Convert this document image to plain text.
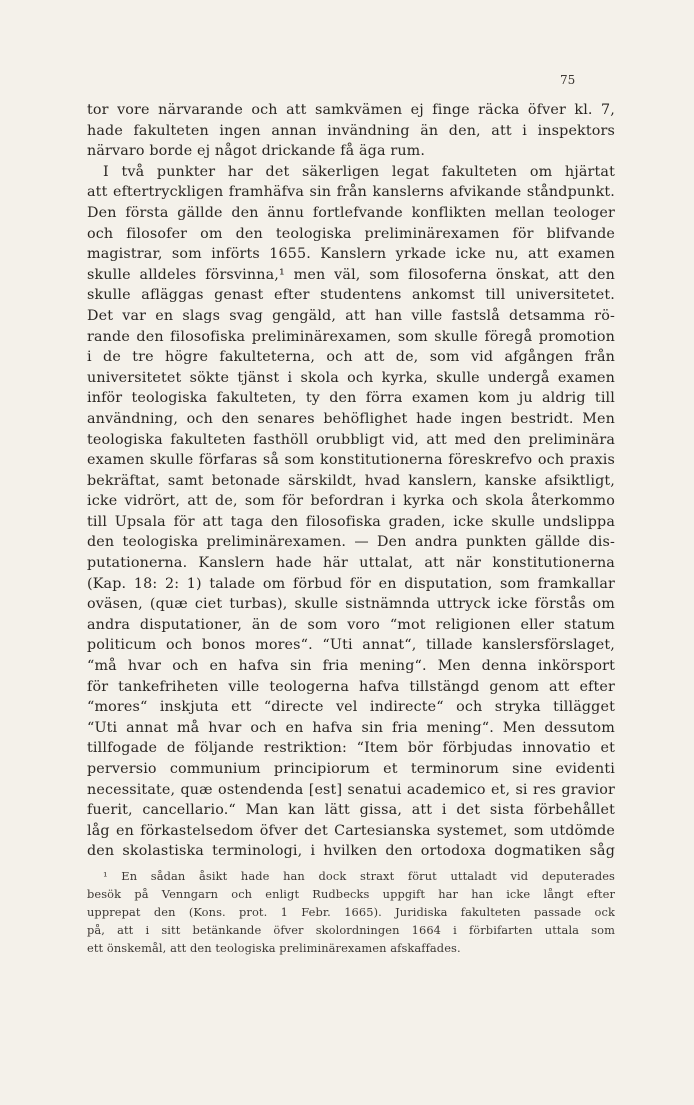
75
tor vore närvarande och att samkvämen ej finge räcka öfver kl. 7,
hade fakulteten ingen annan invändning än den, att i inspektors
närvaro borde ej något drickande få äga rum.
I två punkter har det säkerligen legat fakulteten om hjärtat
att eftertryckligen framhäfva sin från kanslerns afvikande ståndpunkt.
Den första gällde den ännu fortlefvande konflikten mellan teologer
och filosofer om den teologiska preliminärexamen för blifvande
magistrar, som införts 1655. Kanslern yrkade icke nu, att examen
skulle alldeles försvinna,¹ men väl, som filosoferna önskat, att den
skulle afläggas genast efter studentens ankomst till universitetet.
Det var en slags svag gengäld, att han ville fastslå detsamma rö-
rande den filosofiska preliminärexamen, som skulle föregå promotion
i de tre högre fakulteterna, och att de, som vid afgången från
universitetet sökte tjänst i skola och kyrka, skulle undergå examen
inför teologiska fakulteten, ty den förra examen kom ju aldrig till
användning, och den senares behöflighet hade ingen bestridt. Men
teologiska fakulteten fasthöll orubbligt vid, att med den preliminära
examen skulle förfaras så som konstitutionerna föreskrefvo och praxis
bekräftat, samt betonade särskildt, hvad kanslern, kanske afsiktligt,
icke vidrört, att de, som för befordran i kyrka och skola återkommo
till Upsala för att taga den filosofiska graden, icke skulle undslippa
den teologiska preliminärexamen. — Den andra punkten gällde dis-
putationerna. Kanslern hade här uttalat, att när konstitutionerna
(Kap. 18: 2: 1) talade om förbud för en disputation, som framkallar
oväsen, (quæ ciet turbas), skulle sistnämnda uttryck icke förstås om
andra disputationer, än de som voro “mot religionen eller statum
politicum och bonos mores“. “Uti annat“, tillade kanslersförslaget,
“må hvar och en hafva sin fria mening“. Men denna inkörsport
för tankefriheten ville teologerna hafva tillstängd genom att efter
“mores“ inskjuta ett “directe vel indirecte“ och stryka tillägget
“Uti annat må hvar och en hafva sin fria mening“. Men dessutom
tillfogade de följande restriktion: “Item bör förbjudas innovatio et
perversio communium principiorum et terminorum sine evidenti
necessitate, quæ ostendenda [est] senatui academico et, si res gravior
fuerit, cancellario.“ Man kan lätt gissa, att i det sista förbehållet
låg en förkastelsedom öfver det Cartesianska systemet, som utdömde
den skolastiska terminologi, i hvilken den ortodoxa dogmatiken såg
¹ En sådan åsikt hade han dock straxt förut uttaladt vid deputerades
besök på Venngarn och enligt Rudbecks uppgift har han icke långt efter
upprepat den (Kons. prot. 1 Febr. 1665). Juridiska fakulteten passade ock
på, att i sitt betänkande öfver skolordningen 1664 i förbifarten uttala som
ett önskemål, att den teologiska preliminärexamen afskaffades.
